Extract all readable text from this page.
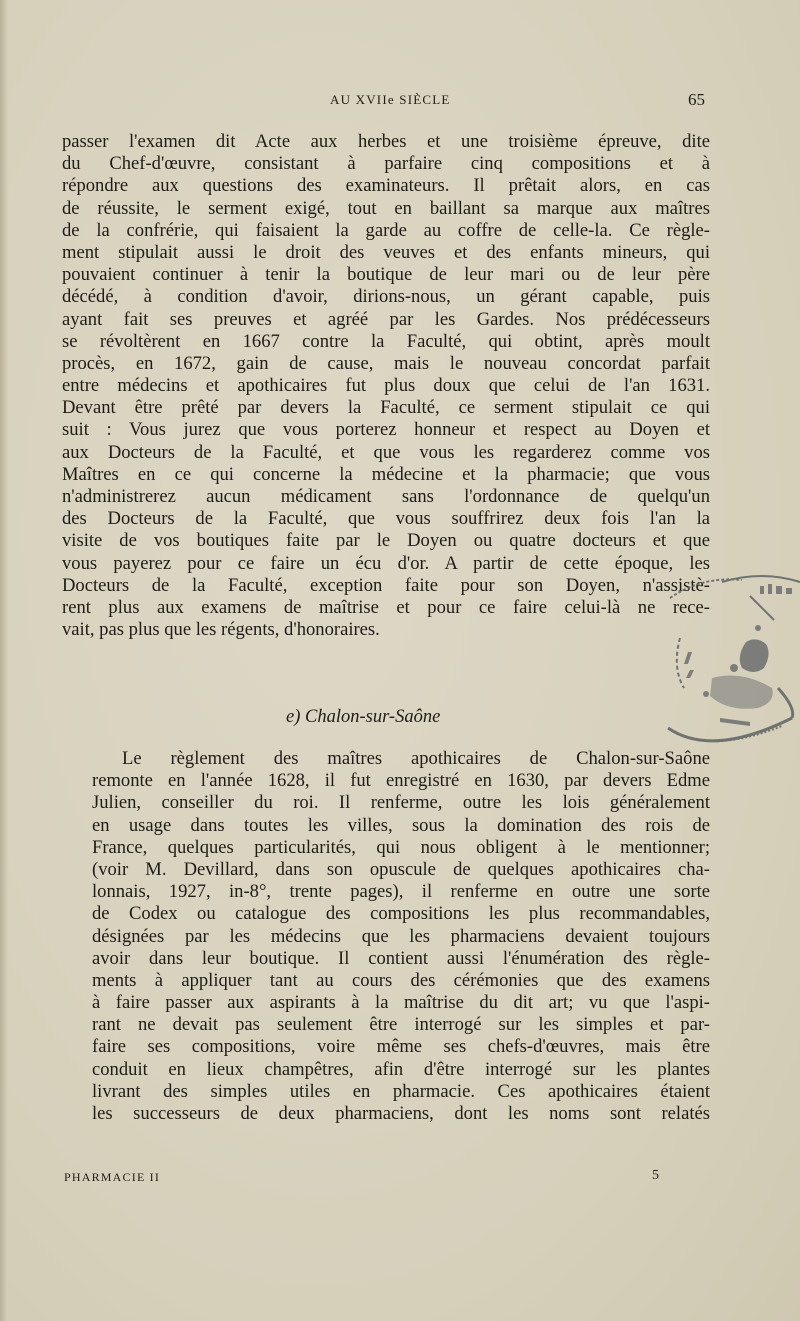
AU XVIIe SIÈCLE	65
passer l'examen dit Acte aux herbes et une troisième épreuve, dite
du Chef-d'œuvre, consistant à parfaire cinq compositions et à
répondre aux questions des examinateurs. Il prêtait alors, en cas
de réussite, le serment exigé, tout en baillant sa marque aux maîtres
de la confrérie, qui faisaient la garde au coffre de celle-la. Ce règle-
ment stipulait aussi le droit des veuves et des enfants mineurs, qui
pouvaient continuer à tenir la boutique de leur mari ou de leur père
décédé, à condition d'avoir, dirions-nous, un gérant capable, puis
ayant fait ses preuves et agréé par les Gardes. Nos prédécesseurs
se révoltèrent en 1667 contre la Faculté, qui obtint, après moult
procès, en 1672, gain de cause, mais le nouveau concordat parfait
entre médecins et apothicaires fut plus doux que celui de l'an 1631.
Devant être prêté par devers la Faculté, ce serment stipulait ce qui
suit : Vous jurez que vous porterez honneur et respect au Doyen et
aux Docteurs de la Faculté, et que vous les regarderez comme vos
Maîtres en ce qui concerne la médecine et la pharmacie; que vous
n'administrerez aucun médicament sans l'ordonnance de quelqu'un
des Docteurs de la Faculté, que vous souffrirez deux fois l'an la
visite de vos boutiques faite par le Doyen ou quatre docteurs et que
vous payerez pour ce faire un écu d'or. A partir de cette époque, les
Docteurs de la Faculté, exception faite pour son Doyen, n'assistè-
rent plus aux examens de maîtrise et pour ce faire celui-là ne rece-
vait, pas plus que les régents, d'honoraires.
e) Chalon-sur-Saône
Le règlement des maîtres apothicaires de Chalon-sur-Saône
remonte en l'année 1628, il fut enregistré en 1630, par devers Edme
Julien, conseiller du roi. Il renferme, outre les lois généralement
en usage dans toutes les villes, sous la domination des rois de
France, quelques particularités, qui nous obligent à le mentionner;
(voir M. Devillard, dans son opuscule de quelques apothicaires cha-
lonnais, 1927, in-8°, trente pages), il renferme en outre une sorte
de Codex ou catalogue des compositions les plus recommandables,
désignées par les médecins que les pharmaciens devaient toujours
avoir dans leur boutique. Il contient aussi l'énumération des règle-
ments à appliquer tant au cours des cérémonies que des examens
à faire passer aux aspirants à la maîtrise du dit art; vu que l'aspi-
rant ne devait pas seulement être interrogé sur les simples et par-
faire ses compositions, voire même ses chefs-d'œuvres, mais être
conduit en lieux champêtres, afin d'être interrogé sur les plantes
livrant des simples utiles en pharmacie. Ces apothicaires étaient
les successeurs de deux pharmaciens, dont les noms sont relatés
PHARMACIE II	5
